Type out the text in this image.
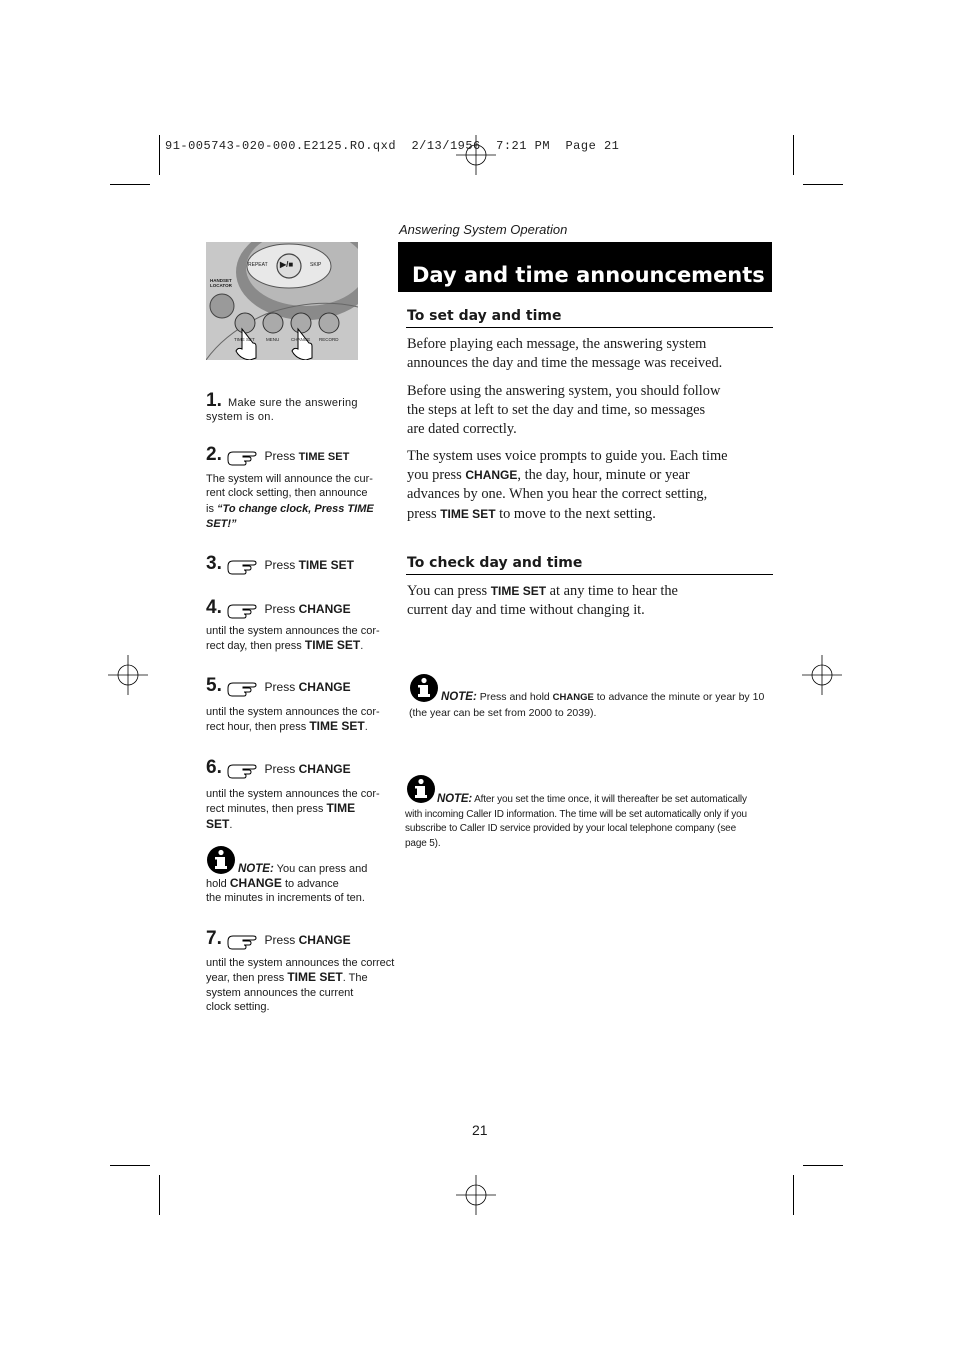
91-005743-020-000.E2125.RO.qxd  2/13/1956  7:21 PM  Page 21
Answering System Operation
Day and time announcements
REPEAT	SKIP
▶/■
HANDSET
LOCATOR
TIME SET MENU	CHANGE RECORD
1. Make sure the answering system is on.
2.	Press TIME SET
The system will announce the cur-
rent clock setting, then announce
is “To change clock, Press TIME
SET!”
3.	Press TIME SET
4.	Press CHANGE
until the system announces the cor-
rect day, then press TIME SET.
5.	Press CHANGE
until the system announces the cor-
rect hour, then press TIME SET.
6.	Press CHANGE
until the system announces the cor-
rect minutes, then press TIME
SET.
NOTE: You can press and
hold CHANGE to advance
the minutes in increments of ten.
7.	Press CHANGE
until the system announces the correct
year, then press TIME SET. The
system announces the current
clock setting.
To set day and time
Before playing each message, the answering system
announces the day and time the message was received.
Before using the answering system, you should follow
the steps at left to set the day and time, so messages
are dated correctly.
The system uses voice prompts to guide you. Each time
you press CHANGE, the day, hour, minute or year
advances by one. When you hear the correct setting,
press TIME SET to move to the next setting.
To check day and time
You can press TIME SET at any time to hear the
current day and time without changing it.
NOTE: Press and hold CHANGE to advance the minute or year by 10
(the year can be set from 2000 to 2039).
NOTE: After you set the time once, it will thereafter be set automatically
with incoming Caller ID information. The time will be set automatically only if you
subscribe to Caller ID service provided by your local telephone company (see
page 5).
21
